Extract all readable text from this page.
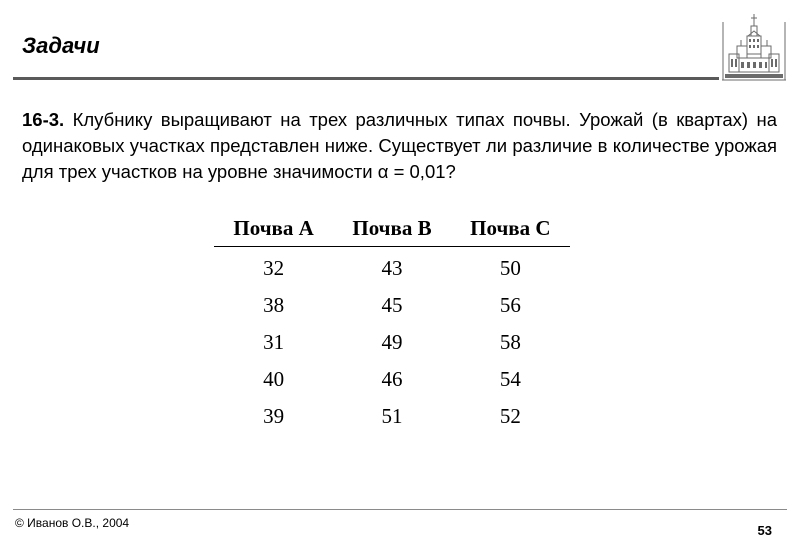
Задачи
16-3. Клубнику выращивают на трех различных типах почвы. Урожай (в квартах) на одинаковых участках представлен ниже. Существует ли различие в количестве урожая для трех участков на уровне значимости α = 0,01?
Почва A	Почва B	Почва C
32	43	50
38	45	56
31	49	58
40	46	54
39	51	52
© Иванов О.В., 2004	53
